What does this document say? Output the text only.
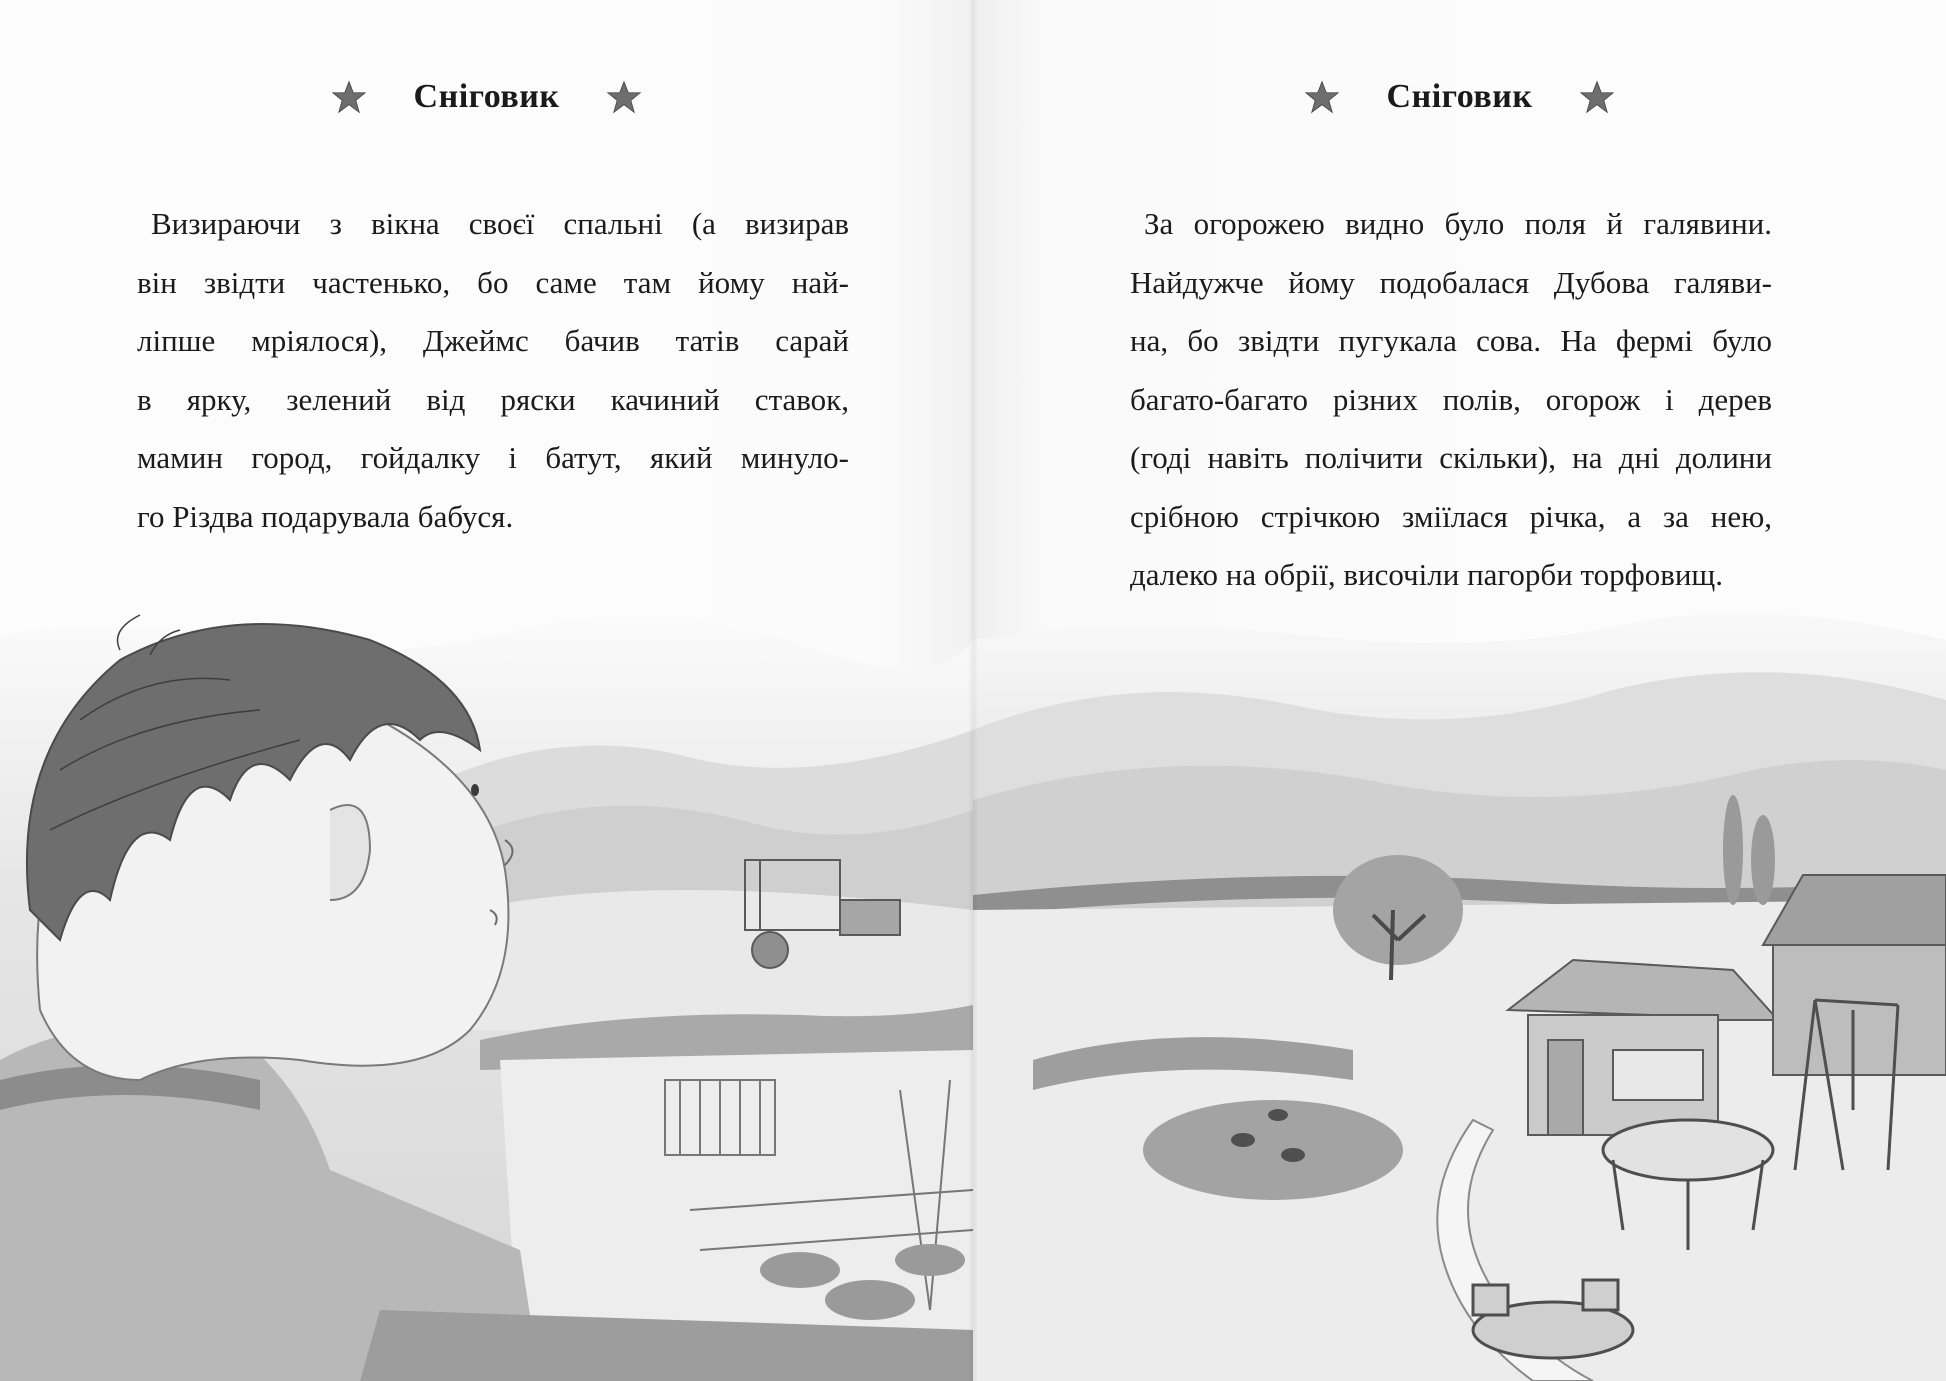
Сніговик
Визираючи з вікна своєї спальні (а визирав
він звідти частенько, бо саме там йому най-
ліпше мріялося), Джеймс бачив татів сарай
в ярку, зелений від ряски качиний ставок,
мамин город, гойдалку і батут, який минуло-
го Різдва подарувала бабуся.
Сніговик
За огорожею видно було поля й галявини.
Найдужче йому подобалася Дубова галяви-
на, бо звідти пугукала сова. На фермі було
багато-багато різних полів, огорож і дерев
(годі навіть полічити скільки), на дні долини
срібною стрічкою зміїлася річка, а за нею,
далеко на обрії, височіли пагорби торфовищ.
